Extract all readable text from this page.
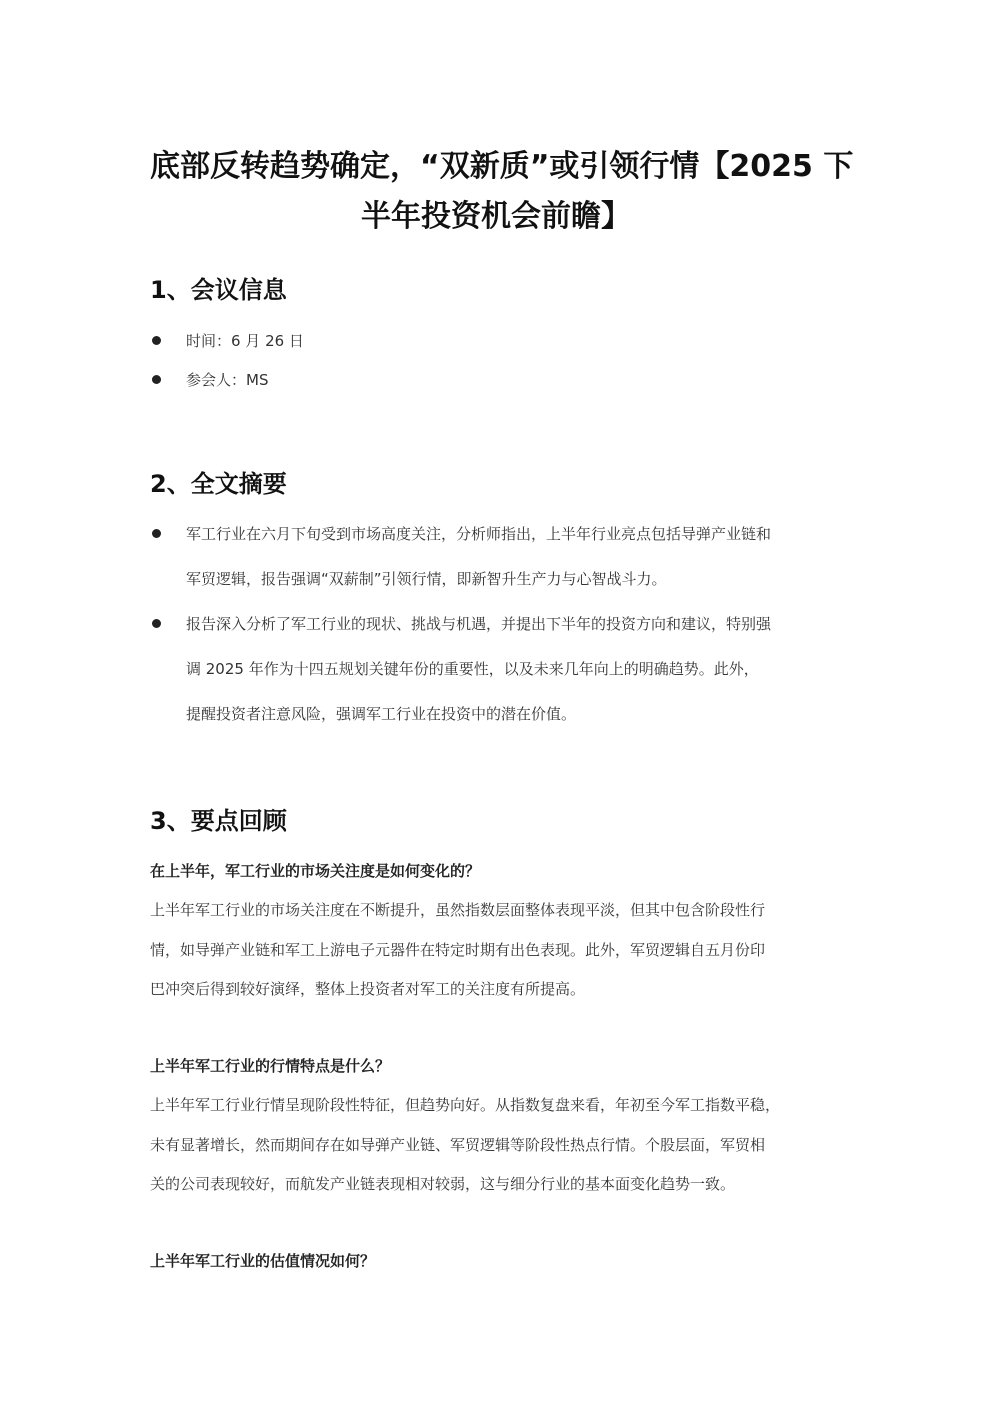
底部反转趋势确定，“双新质”或引领行情【2025 下
半年投资机会前瞻】
1、会议信息
时间：6 月 26 日
参会人：MS
2、全文摘要
军工行业在六月下旬受到市场高度关注，分析师指出，上半年行业亮点包括导弹产业链和
军贸逻辑，报告强调“双薪制”引领行情，即新智升生产力与心智战斗力。
报告深入分析了军工行业的现状、挑战与机遇，并提出下半年的投资方向和建议，特别强
调 2025 年作为十四五规划关键年份的重要性，以及未来几年向上的明确趋势。此外，
提醒投资者注意风险，强调军工行业在投资中的潜在价值。
3、要点回顾
在上半年，军工行业的市场关注度是如何变化的？
上半年军工行业的市场关注度在不断提升，虽然指数层面整体表现平淡，但其中包含阶段性行
情，如导弹产业链和军工上游电子元器件在特定时期有出色表现。此外，军贸逻辑自五月份印
巴冲突后得到较好演绎，整体上投资者对军工的关注度有所提高。
上半年军工行业的行情特点是什么？
上半年军工行业行情呈现阶段性特征，但趋势向好。从指数复盘来看，年初至今军工指数平稳，
未有显著增长，然而期间存在如导弹产业链、军贸逻辑等阶段性热点行情。个股层面，军贸相
关的公司表现较好，而航发产业链表现相对较弱，这与细分行业的基本面变化趋势一致。
上半年军工行业的估值情况如何？
